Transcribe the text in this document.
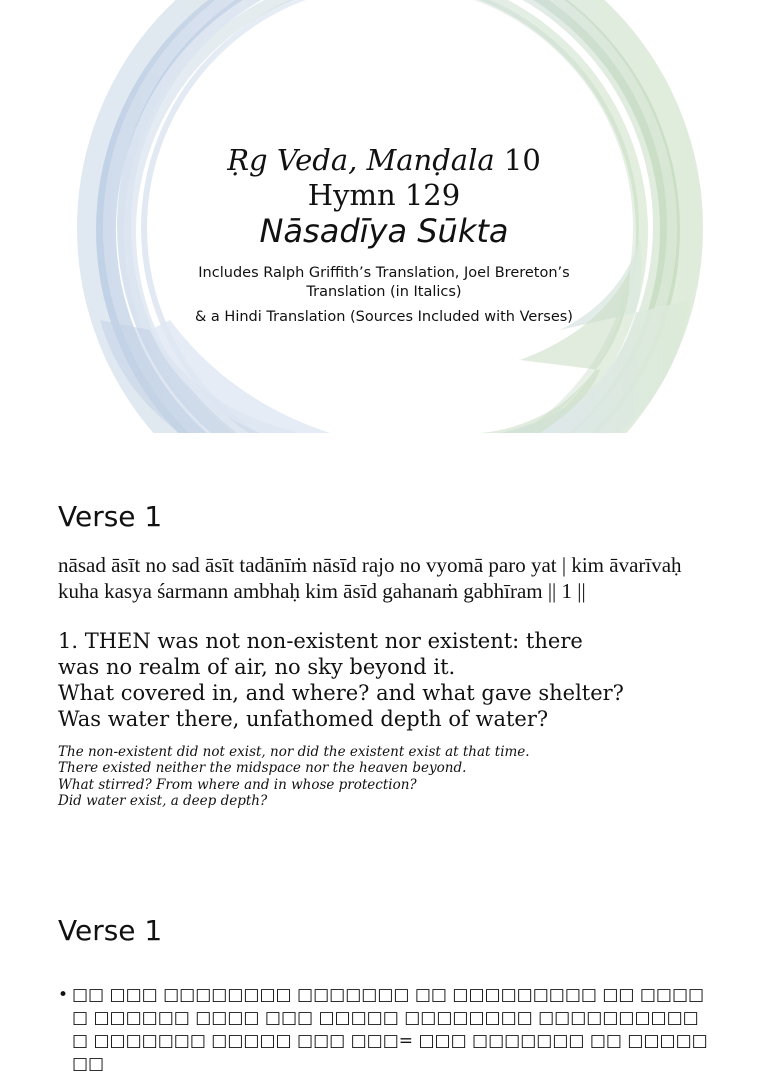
Ṛg Veda, Manḍala 10
Hymn 129
Nāsadīya Sūkta
Includes Ralph Griffith’s Translation, Joel Brereton’s Translation (in Italics)
& a Hindi Translation (Sources Included with Verses)
Verse 1
nāsad āsīt no sad āsīt tadānīṁ nāsīd rajo no vyomā paro yat | kim āvarīvaḥ kuha kasya śarmann ambhaḥ kim āsīd gahanaṁ gabhīram || 1 ||
1. THEN was not non-existent nor existent: there
was no realm of air, no sky beyond it.
What covered in, and where? and what gave shelter?
Was water there, unfathomed depth of water?
The non-existent did not exist, nor did the existent exist at that time.
There existed neither the midspace nor the heaven beyond.
What stirred? From where and in whose protection?
Did water exist, a deep depth?
Verse 1
• □□ □□□ □□□□□□□□ □□□□□□□ □□ □□□□□□□□□ □□ □□□□□ □□□□□□ □□□□ □□□ □□□□□ □□□□□□□□ □□□□□□□□□□□ □□□□□□□ □□□□□ □□□ □□□= □□□ □□□□□□□ □□ □□□□□ □□
